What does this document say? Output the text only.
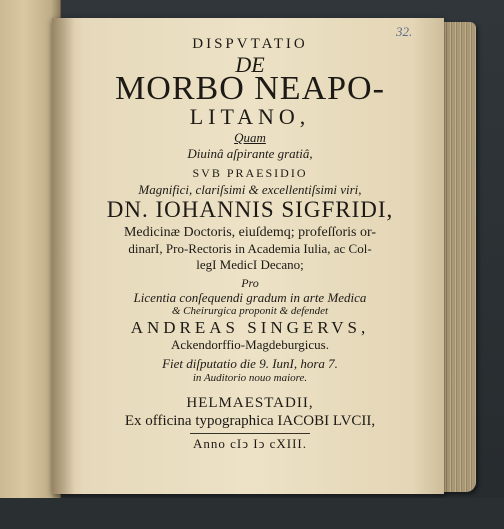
32.
DISPVTATIO
DE
MORBO NEAPO-
LITANO,
Quam
Diuinâ aſpirante gratiâ,
SVB PRAESIDIO
Magnifici, clariſsimi & excellentiſsimi viri,
DN. IOHANNIS SIGFRIDI,
Medicinæ Doctoris, eiuſdemq; profeſſoris or-
dinarI, Pro-Rectoris in Academia Iulia, ac Col-
legI MedicI Decano;
Pro
Licentia conſequendi gradum in arte Medica
& Cheirurgica proponit & defendet
ANDREAS SINGERVS,
Ackendorffio-Magdeburgicus.
Fiet diſputatio die 9. IunI, hora 7.
in Auditorio nouo maiore.
HELMAESTADII,
Ex officina typographica IACOBI LVCII,
Anno cIↄ Iↄ cXIII.
